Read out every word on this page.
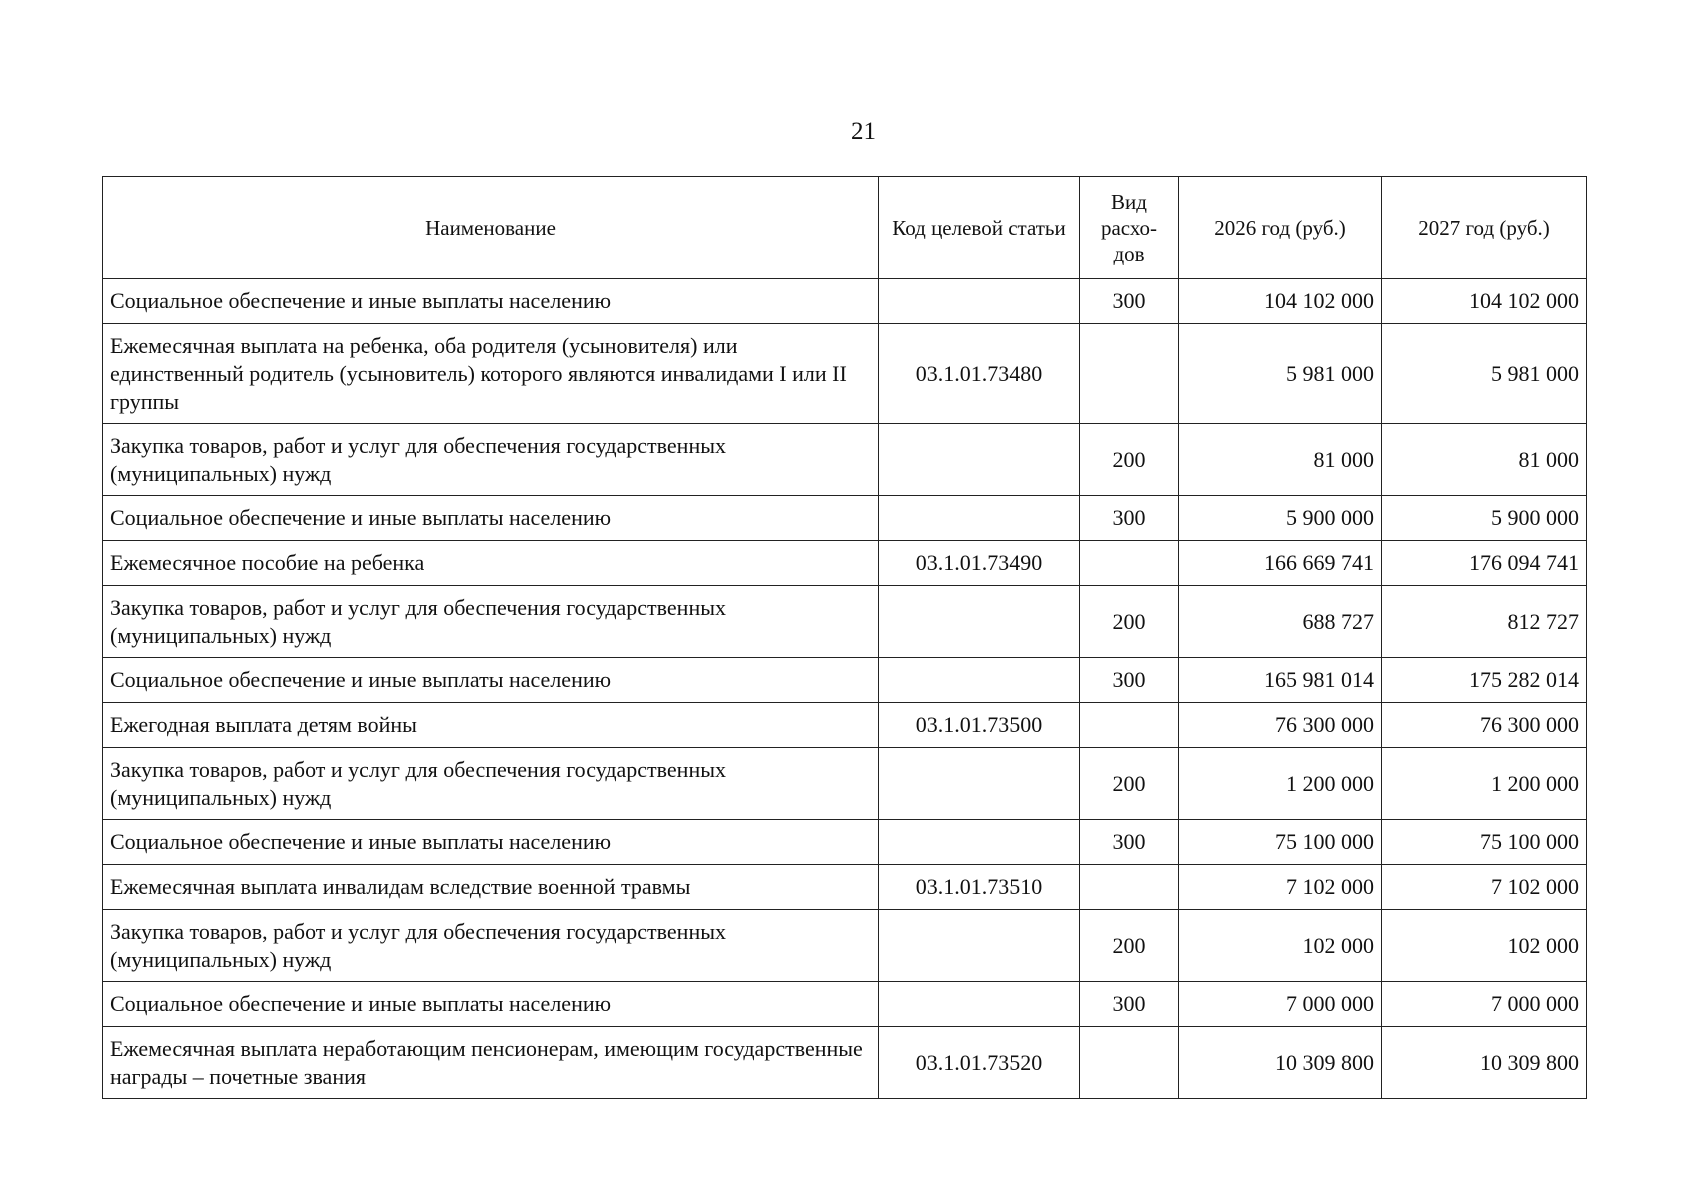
21
Наименование	Код целевой статьи	Вид расхо-дов	2026 год (руб.)	2027 год (руб.)
Социальное обеспечение и иные выплаты населению		300	104 102 000	104 102 000
Ежемесячная выплата на ребенка, оба родителя (усыновителя) или единственный родитель (усыновитель) которого являются инвалидами I или II группы	03.1.01.73480		5 981 000	5 981 000
Закупка товаров, работ и услуг для обеспечения государственных (муниципальных) нужд		200	81 000	81 000
Социальное обеспечение и иные выплаты населению		300	5 900 000	5 900 000
Ежемесячное пособие на ребенка	03.1.01.73490		166 669 741	176 094 741
Закупка товаров, работ и услуг для обеспечения государственных (муниципальных) нужд		200	688 727	812 727
Социальное обеспечение и иные выплаты населению		300	165 981 014	175 282 014
Ежегодная выплата детям войны	03.1.01.73500		76 300 000	76 300 000
Закупка товаров, работ и услуг для обеспечения государственных (муниципальных) нужд		200	1 200 000	1 200 000
Социальное обеспечение и иные выплаты населению		300	75 100 000	75 100 000
Ежемесячная выплата инвалидам вследствие военной травмы	03.1.01.73510		7 102 000	7 102 000
Закупка товаров, работ и услуг для обеспечения государственных (муниципальных) нужд		200	102 000	102 000
Социальное обеспечение и иные выплаты населению		300	7 000 000	7 000 000
Ежемесячная выплата неработающим пенсионерам, имеющим государственные награды – почетные звания	03.1.01.73520		10 309 800	10 309 800
